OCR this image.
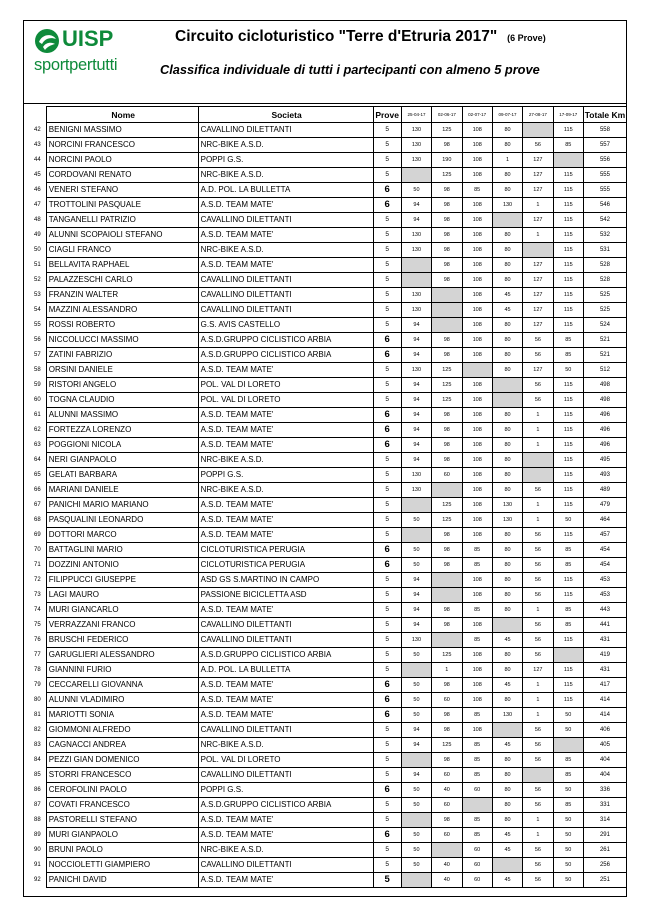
UISP
sportpertutti
Circuito cicloturistico "Terre d'Etruria 2017" (6 Prove)
Classifica individuale di tutti i partecipanti con almeno 5 prove
	Nome	Societa	Prove	25-04-17	02-06-17	02-07-17	09-07-17	27-08-17	17-09-17	Totale Km
42	BENIGNI MASSIMO	CAVALLINO DILETTANTI	5	130	125	108	80		115	558
43	NORCINI FRANCESCO	NRC-BIKE A.S.D.	5	130	98	108	80	56	85	557
44	NORCINI PAOLO	POPPI G.S.	5	130	190	108	1	127		556
45	CORDOVANI RENATO	NRC-BIKE A.S.D.	5		125	108	80	127	115	555
46	VENERI STEFANO	A.D. POL. LA BULLETTA	6	50	98	85	80	127	115	555
47	TROTTOLINI PASQUALE	A.S.D. TEAM MATE'	6	94	98	108	130	1	115	546
48	TANGANELLI PATRIZIO	CAVALLINO DILETTANTI	5	94	98	108		127	115	542
49	ALUNNI SCOPAIOLI STEFANO	A.S.D. TEAM MATE'	5	130	98	108	80	1	115	532
50	CIAGLI FRANCO	NRC-BIKE A.S.D.	5	130	98	108	80		115	531
51	BELLAVITA RAPHAEL	A.S.D. TEAM MATE'	5		98	108	80	127	115	528
52	PALAZZESCHI CARLO	CAVALLINO DILETTANTI	5		98	108	80	127	115	528
53	FRANZIN WALTER	CAVALLINO DILETTANTI	5	130		108	45	127	115	525
54	MAZZINI ALESSANDRO	CAVALLINO DILETTANTI	5	130		108	45	127	115	525
55	ROSSI ROBERTO	G.S. AVIS CASTELLO	5	94		108	80	127	115	524
56	NICCOLUCCI MASSIMO	A.S.D.GRUPPO CICLISTICO ARBIA	6	94	98	108	80	56	85	521
57	ZATINI FABRIZIO	A.S.D.GRUPPO CICLISTICO ARBIA	6	94	98	108	80	56	85	521
58	ORSINI DANIELE	A.S.D. TEAM MATE'	5	130	125		80	127	50	512
59	RISTORI ANGELO	POL. VAL DI LORETO	5	94	125	108		56	115	498
60	TOGNA CLAUDIO	POL. VAL DI LORETO	5	94	125	108		56	115	498
61	ALUNNI MASSIMO	A.S.D. TEAM MATE'	6	94	98	108	80	1	115	496
62	FORTEZZA LORENZO	A.S.D. TEAM MATE'	6	94	98	108	80	1	115	496
63	POGGIONI NICOLA	A.S.D. TEAM MATE'	6	94	98	108	80	1	115	496
64	NERI GIANPAOLO	NRC-BIKE A.S.D.	5	94	98	108	80		115	495
65	GELATI BARBARA	POPPI G.S.	5	130	60	108	80		115	493
66	MARIANI DANIELE	NRC-BIKE A.S.D.	5	130		108	80	56	115	489
67	PANICHI MARIO MARIANO	A.S.D. TEAM MATE'	5		125	108	130	1	115	479
68	PASQUALINI LEONARDO	A.S.D. TEAM MATE'	5	50	125	108	130	1	50	464
69	DOTTORI MARCO	A.S.D. TEAM MATE'	5		98	108	80	56	115	457
70	BATTAGLINI MARIO	CICLOTURISTICA PERUGIA	6	50	98	85	80	56	85	454
71	DOZZINI ANTONIO	CICLOTURISTICA PERUGIA	6	50	98	85	80	56	85	454
72	FILIPPUCCI GIUSEPPE	ASD GS S.MARTINO IN CAMPO	5	94		108	80	56	115	453
73	LAGI MAURO	PASSIONE BICICLETTA ASD	5	94		108	80	56	115	453
74	MURI GIANCARLO	A.S.D. TEAM MATE'	5	94	98	85	80	1	85	443
75	VERRAZZANI FRANCO	CAVALLINO DILETTANTI	5	94	98	108		56	85	441
76	BRUSCHI FEDERICO	CAVALLINO DILETTANTI	5	130		85	45	56	115	431
77	GARUGLIERI ALESSANDRO	A.S.D.GRUPPO CICLISTICO ARBIA	5	50	125	108	80	56		419
78	GIANNINI FURIO	A.D. POL. LA BULLETTA	5		1	108	80	127	115	431
79	CECCARELLI GIOVANNA	A.S.D. TEAM MATE'	6	50	98	108	45	1	115	417
80	ALUNNI VLADIMIRO	A.S.D. TEAM MATE'	6	50	60	108	80	1	115	414
81	MARIOTTI SONIA	A.S.D. TEAM MATE'	6	50	98	85	130	1	50	414
82	GIOMMONI ALFREDO	CAVALLINO DILETTANTI	5	94	98	108		56	50	406
83	CAGNACCI ANDREA	NRC-BIKE A.S.D.	5	94	125	85	45	56		405
84	PEZZI GIAN DOMENICO	POL. VAL DI LORETO	5		98	85	80	56	85	404
85	STORRI FRANCESCO	CAVALLINO DILETTANTI	5	94	60	85	80		85	404
86	CEROFOLINI PAOLO	POPPI G.S.	6	50	40	60	80	56	50	336
87	COVATI FRANCESCO	A.S.D.GRUPPO CICLISTICO ARBIA	5	50	60		80	56	85	331
88	PASTORELLI STEFANO	A.S.D. TEAM MATE'	5		98	85	80	1	50	314
89	MURI GIANPAOLO	A.S.D. TEAM MATE'	6	50	60	85	45	1	50	291
90	BRUNI PAOLO	NRC-BIKE A.S.D.	5	50		60	45	56	50	261
91	NOCCIOLETTI GIAMPIERO	CAVALLINO DILETTANTI	5	50	40	60		56	50	256
92	PANICHI DAVID	A.S.D. TEAM MATE'	5		40	60	45	56	50	251
